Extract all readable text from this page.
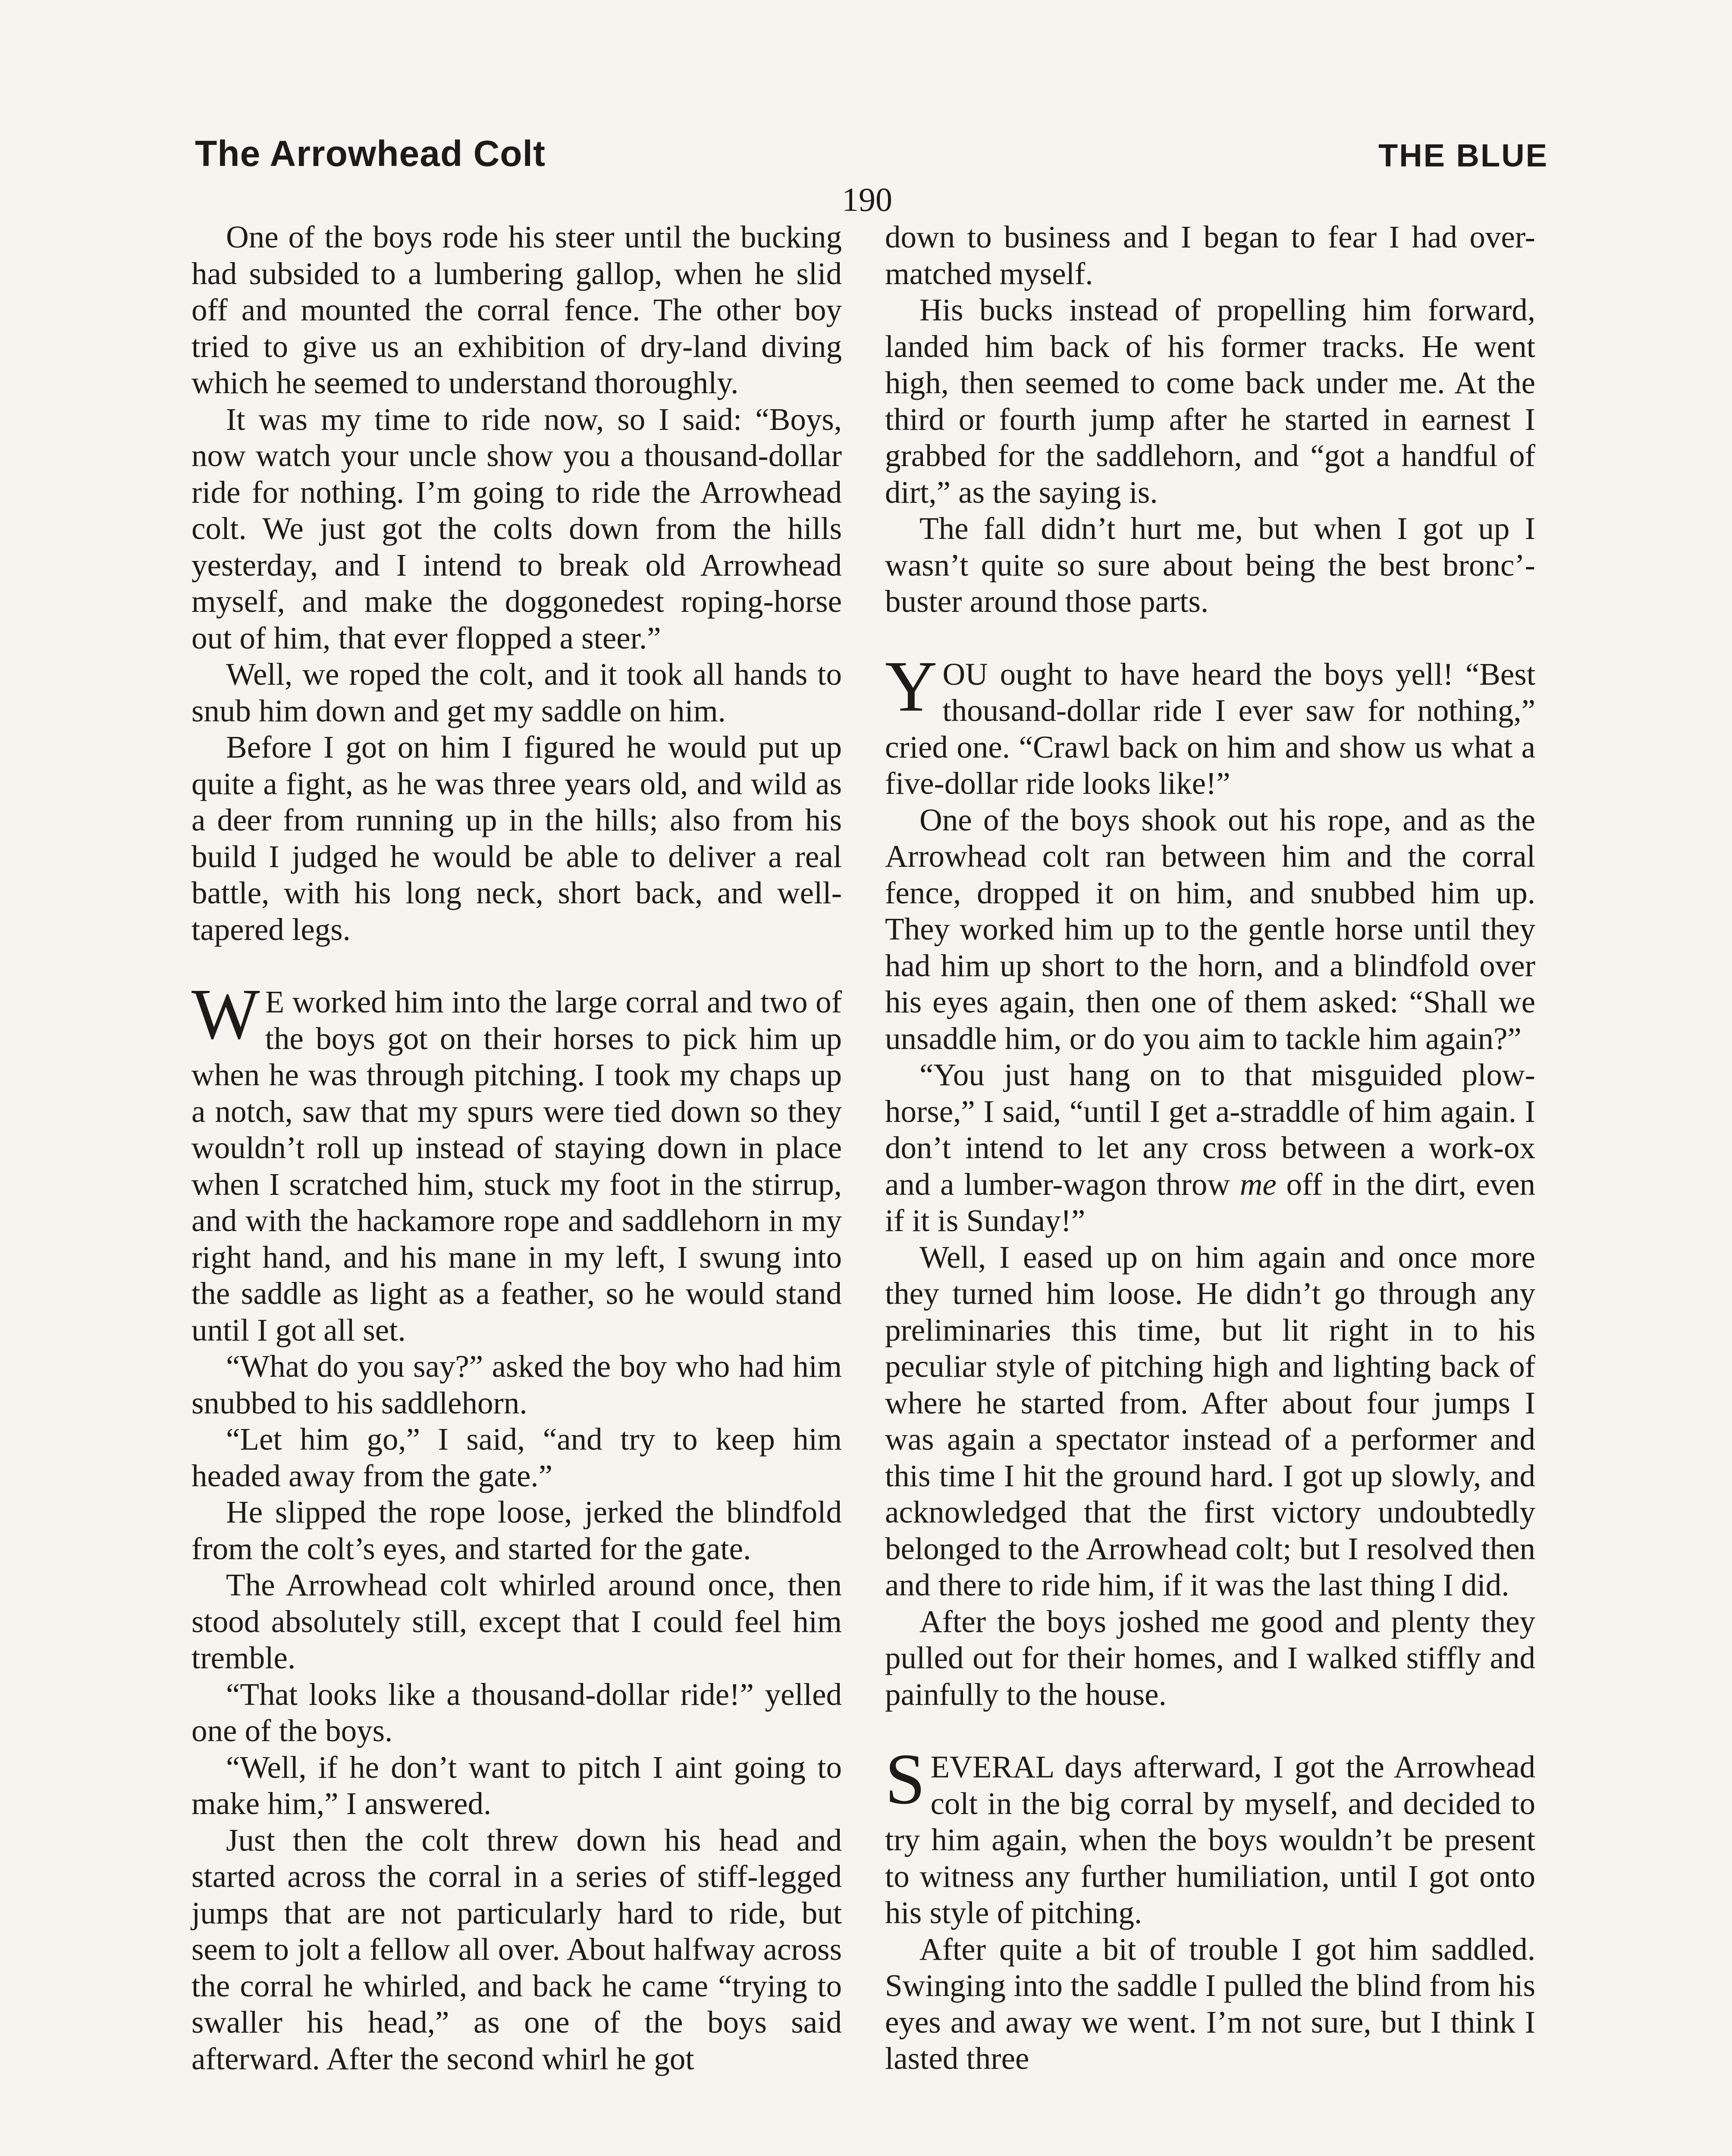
The Arrowhead Colt	THE BLUE
190

One of the boys rode his steer until the bucking had subsided to a lumbering gallop, when he slid off and mounted the corral fence. The other boy tried to give us an exhibition of dry-land diving which he seemed to understand thoroughly.

It was my time to ride now, so I said: “Boys, now watch your uncle show you a thousand-dollar ride for nothing. I’m going to ride the Arrowhead colt. We just got the colts down from the hills yesterday, and I intend to break old Arrowhead myself, and make the doggonedest roping-horse out of him, that ever flopped a steer.”

Well, we roped the colt, and it took all hands to snub him down and get my saddle on him.

Before I got on him I figured he would put up quite a fight, as he was three years old, and wild as a deer from running up in the hills; also from his build I judged he would be able to deliver a real battle, with his long neck, short back, and well-tapered legs.

W E worked him into the large corral and two of the boys got on their horses to pick him up when he was through pitching. I took my chaps up a notch, saw that my spurs were tied down so they wouldn’t roll up instead of staying down in place when I scratched him, stuck my foot in the stirrup, and with the hackamore rope and saddlehorn in my right hand, and his mane in my left, I swung into the saddle as light as a feather, so he would stand until I got all set.

“What do you say?” asked the boy who had him snubbed to his saddlehorn.

“Let him go,” I said, “and try to keep him headed away from the gate.”

He slipped the rope loose, jerked the blindfold from the colt’s eyes, and started for the gate.

The Arrowhead colt whirled around once, then stood absolutely still, except that I could feel him tremble.

“That looks like a thousand-dollar ride!” yelled one of the boys.

“Well, if he don’t want to pitch I aint going to make him,” I answered.

Just then the colt threw down his head and started across the corral in a series of stiff-legged jumps that are not particularly hard to ride, but seem to jolt a fellow all over. About halfway across the corral he whirled, and back he came “trying to swaller his head,” as one of the boys said afterward. After the second whirl he got

down to business and I began to fear I had over-matched myself.

His bucks instead of propelling him forward, landed him back of his former tracks. He went high, then seemed to come back under me. At the third or fourth jump after he started in earnest I grabbed for the saddlehorn, and “got a handful of dirt,” as the saying is.

The fall didn’t hurt me, but when I got up I wasn’t quite so sure about being the best bronc’-buster around those parts.

YOU ought to have heard the boys yell! “Best thousand-dollar ride I ever saw for nothing,” cried one. “Crawl back on him and show us what a five-dollar ride looks like!”

One of the boys shook out his rope, and as the Arrowhead colt ran between him and the corral fence, dropped it on him, and snubbed him up. They worked him up to the gentle horse until they had him up short to the horn, and a blindfold over his eyes again, then one of them asked: “Shall we unsaddle him, or do you aim to tackle him again?”

“You just hang on to that misguided plow-horse,” I said, “until I get a-straddle of him again. I don’t intend to let any cross between a work-ox and a lumber-wagon throw me off in the dirt, even if it is Sunday!”

Well, I eased up on him again and once more they turned him loose. He didn’t go through any preliminaries this time, but lit right in to his peculiar style of pitching high and lighting back of where he started from. After about four jumps I was again a spectator instead of a performer and this time I hit the ground hard. I got up slowly, and acknowledged that the first victory undoubtedly belonged to the Arrowhead colt; but I resolved then and there to ride him, if it was the last thing I did.

After the boys joshed me good and plenty they pulled out for their homes, and I walked stiffly and painfully to the house.

SEVERAL days afterward, I got the Arrowhead colt in the big corral by myself, and decided to try him again, when the boys wouldn’t be present to witness any further humiliation, until I got onto his style of pitching.

After quite a bit of trouble I got him saddled. Swinging into the saddle I pulled the blind from his eyes and away we went. I’m not sure, but I think I lasted three
